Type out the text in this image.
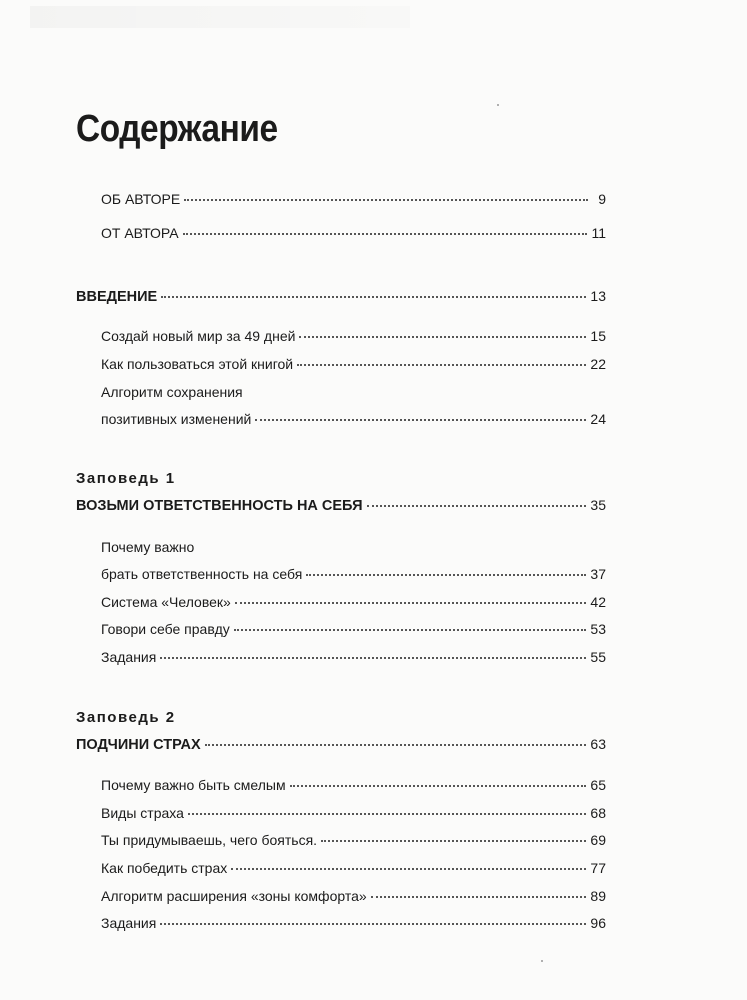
Содержание
ОБ АВТОРЕ	9
ОТ АВТОРА	11
ВВЕДЕНИЕ	13
Создай новый мир за 49 дней	15
Как пользоваться этой книгой	22
Алгоритм сохранения
позитивных изменений	24
Заповедь 1
ВОЗЬМИ ОТВЕТСТВЕННОСТЬ НА СЕБЯ	35
Почему важно
брать ответственность на себя	37
Система «Человек»	42
Говори себе правду	53
Задания	55
Заповедь 2
ПОДЧИНИ СТРАХ	63
Почему важно быть смелым	65
Виды страха	68
Ты придумываешь, чего бояться.	69
Как победить страх	77
Алгоритм расширения «зоны комфорта»	89
Задания	96
